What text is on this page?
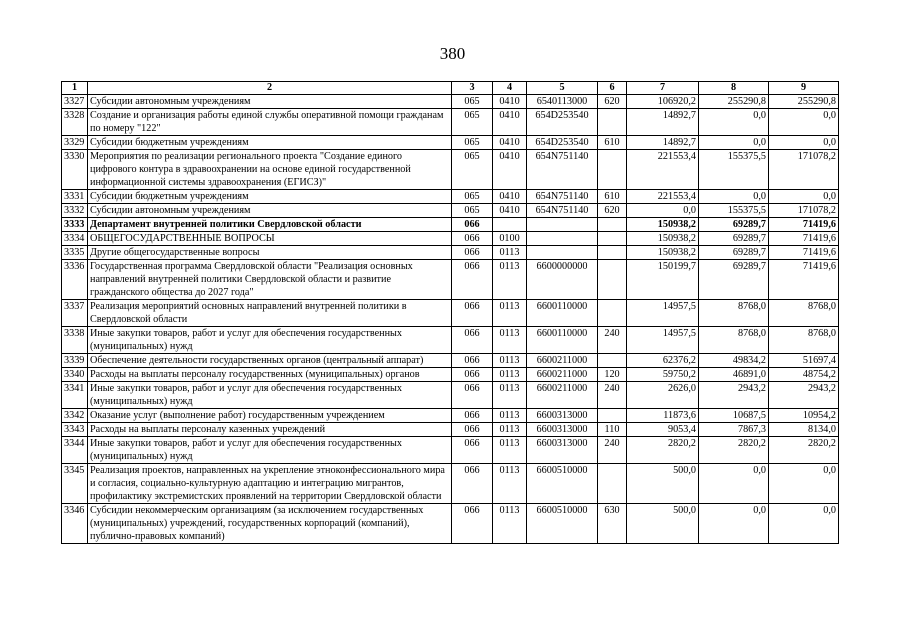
380
1	2	3	4	5	6	7	8	9
3327	Субсидии автономным учреждениям	065	0410	6540113000	620	106920,2	255290,8	255290,8
3328	Создание и организация работы единой службы оперативной помощи гражданам по номеру "122"	065	0410	654D253540		14892,7	0,0	0,0
3329	Субсидии бюджетным учреждениям	065	0410	654D253540	610	14892,7	0,0	0,0
3330	Мероприятия по реализации регионального проекта "Создание единого цифрового контура в здравоохранении на основе единой государственной информационной системы здравоохранения (ЕГИСЗ)"	065	0410	654N751140		221553,4	155375,5	171078,2
3331	Субсидии бюджетным учреждениям	065	0410	654N751140	610	221553,4	0,0	0,0
3332	Субсидии автономным учреждениям	065	0410	654N751140	620	0,0	155375,5	171078,2
3333	Департамент внутренней политики Свердловской области	066				150938,2	69289,7	71419,6
3334	ОБЩЕГОСУДАРСТВЕННЫЕ ВОПРОСЫ	066	0100			150938,2	69289,7	71419,6
3335	Другие общегосударственные вопросы	066	0113			150938,2	69289,7	71419,6
3336	Государственная программа Свердловской области "Реализация основных направлений внутренней политики Свердловской области и развитие гражданского общества до 2027 года"	066	0113	6600000000		150199,7	69289,7	71419,6
3337	Реализация мероприятий основных направлений внутренней политики в Свердловской области	066	0113	6600110000		14957,5	8768,0	8768,0
3338	Иные закупки товаров, работ и услуг для обеспечения государственных (муниципальных) нужд	066	0113	6600110000	240	14957,5	8768,0	8768,0
3339	Обеспечение деятельности государственных органов (центральный аппарат)	066	0113	6600211000		62376,2	49834,2	51697,4
3340	Расходы на выплаты персоналу государственных (муниципальных) органов	066	0113	6600211000	120	59750,2	46891,0	48754,2
3341	Иные закупки товаров, работ и услуг для обеспечения государственных (муниципальных) нужд	066	0113	6600211000	240	2626,0	2943,2	2943,2
3342	Оказание услуг (выполнение работ) государственным учреждением	066	0113	6600313000		11873,6	10687,5	10954,2
3343	Расходы на выплаты персоналу казенных учреждений	066	0113	6600313000	110	9053,4	7867,3	8134,0
3344	Иные закупки товаров, работ и услуг для обеспечения государственных (муниципальных) нужд	066	0113	6600313000	240	2820,2	2820,2	2820,2
3345	Реализация проектов, направленных на укрепление этноконфессионального мира и согласия, социально-культурную адаптацию и интеграцию мигрантов, профилактику экстремистских проявлений на территории Свердловской области	066	0113	6600510000		500,0	0,0	0,0
3346	Субсидии некоммерческим организациям (за исключением государственных (муниципальных) учреждений, государственных корпораций (компаний), публично-правовых компаний)	066	0113	6600510000	630	500,0	0,0	0,0
